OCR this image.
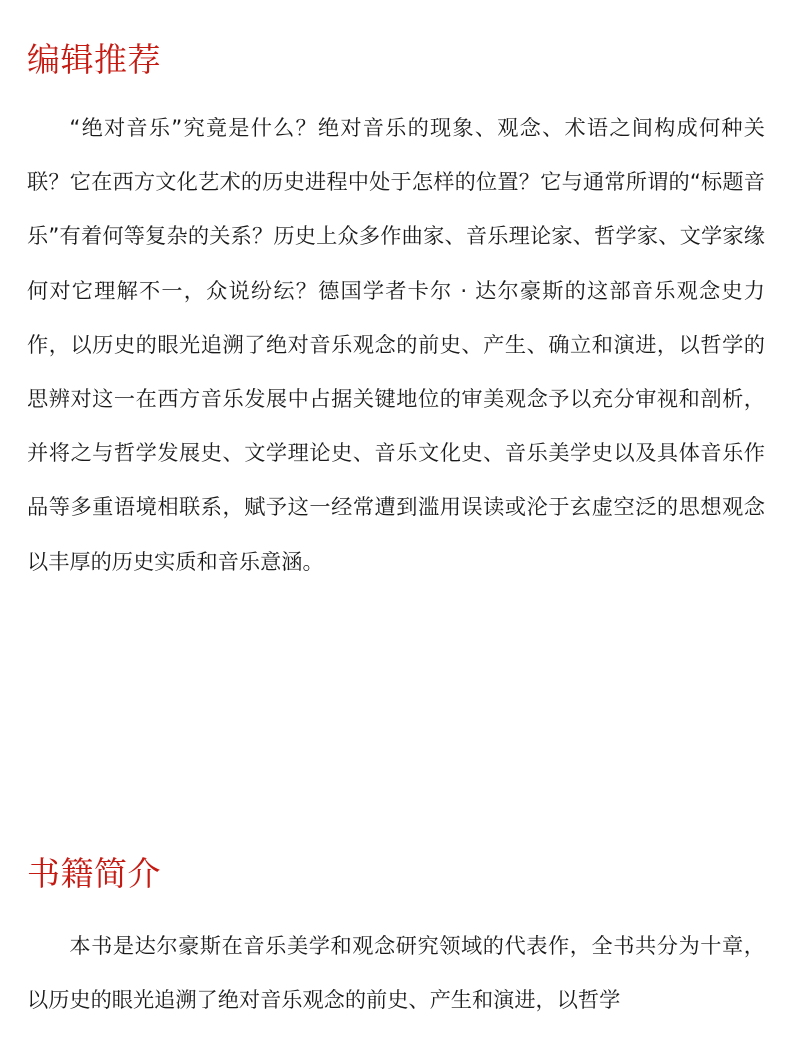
编辑推荐

“绝对音乐”究竟是什么？绝对音乐的现象、观念、术语之间构成何种关联？它在西方文化艺术的历史进程中处于怎样的位置？它与通常所谓的“标题音乐”有着何等复杂的关系？历史上众多作曲家、音乐理论家、哲学家、文学家缘何对它理解不一，众说纷纭？德国学者卡尔 · 达尔豪斯的这部音乐观念史力作，以历史的眼光追溯了绝对音乐观念的前史、产生、确立和演进，以哲学的思辨对这一在西方音乐发展中占据关键地位的审美观念予以充分审视和剖析，并将之与哲学发展史、文学理论史、音乐文化史、音乐美学史以及具体音乐作品等多重语境相联系，赋予这一经常遭到滥用误读或沦于玄虚空泛的思想观念以丰厚的历史实质和音乐意涵。

书籍简介

本书是达尔豪斯在音乐美学和观念研究领域的代表作，全书共分为十章，以历史的眼光追溯了绝对音乐观念的前史、产生和演进，以哲学
